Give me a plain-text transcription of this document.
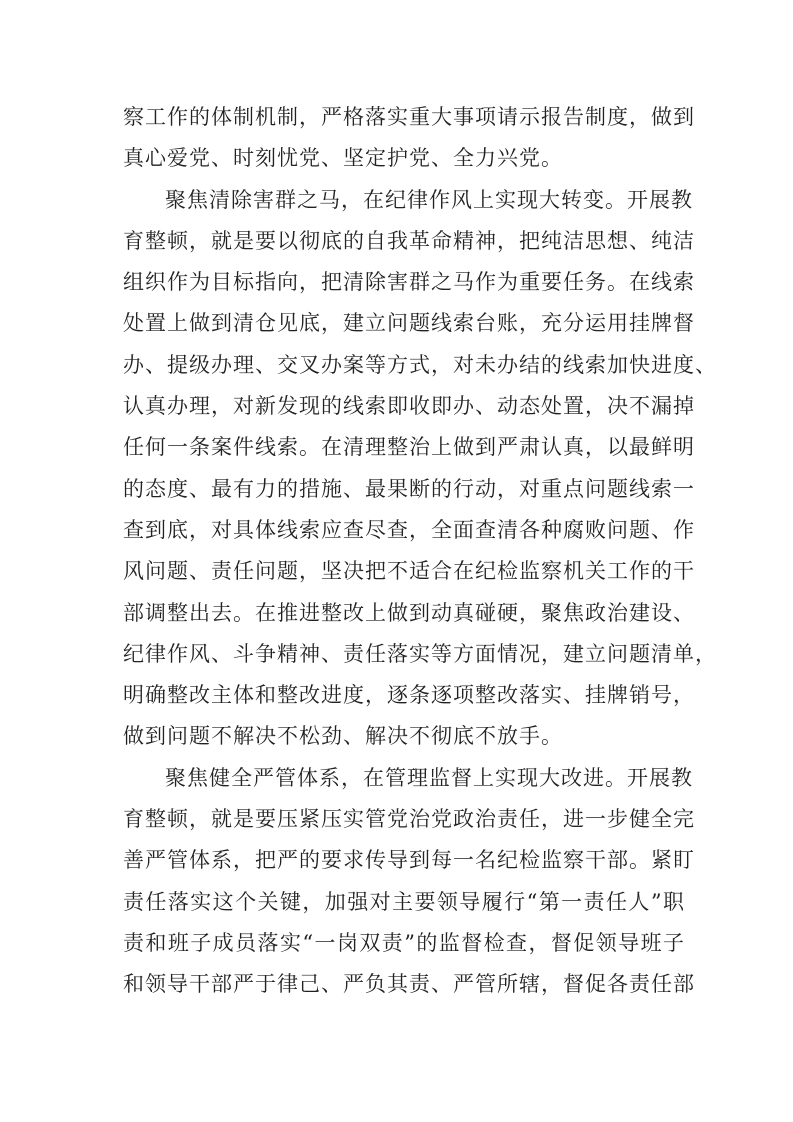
察工作的体制机制，严格落实重大事项请示报告制度，做到
真心爱党、时刻忧党、坚定护党、全力兴党。
聚焦清除害群之马，在纪律作风上实现大转变。开展教
育整顿，就是要以彻底的自我革命精神，把纯洁思想、纯洁
组织作为目标指向，把清除害群之马作为重要任务。在线索
处置上做到清仓见底，建立问题线索台账，充分运用挂牌督
办、提级办理、交叉办案等方式，对未办结的线索加快进度、
认真办理，对新发现的线索即收即办、动态处置，决不漏掉
任何一条案件线索。在清理整治上做到严肃认真，以最鲜明
的态度、最有力的措施、最果断的行动，对重点问题线索一
查到底，对具体线索应查尽查，全面查清各种腐败问题、作
风问题、责任问题，坚决把不适合在纪检监察机关工作的干
部调整出去。在推进整改上做到动真碰硬，聚焦政治建设、
纪律作风、斗争精神、责任落实等方面情况，建立问题清单，
明确整改主体和整改进度，逐条逐项整改落实、挂牌销号，
做到问题不解决不松劲、解决不彻底不放手。
聚焦健全严管体系，在管理监督上实现大改进。开展教
育整顿，就是要压紧压实管党治党政治责任，进一步健全完
善严管体系，把严的要求传导到每一名纪检监察干部。紧盯
责任落实这个关键，加强对主要领导履行“第一责任人”职
责和班子成员落实“一岗双责”的监督检查，督促领导班子
和领导干部严于律己、严负其责、严管所辖，督促各责任部
